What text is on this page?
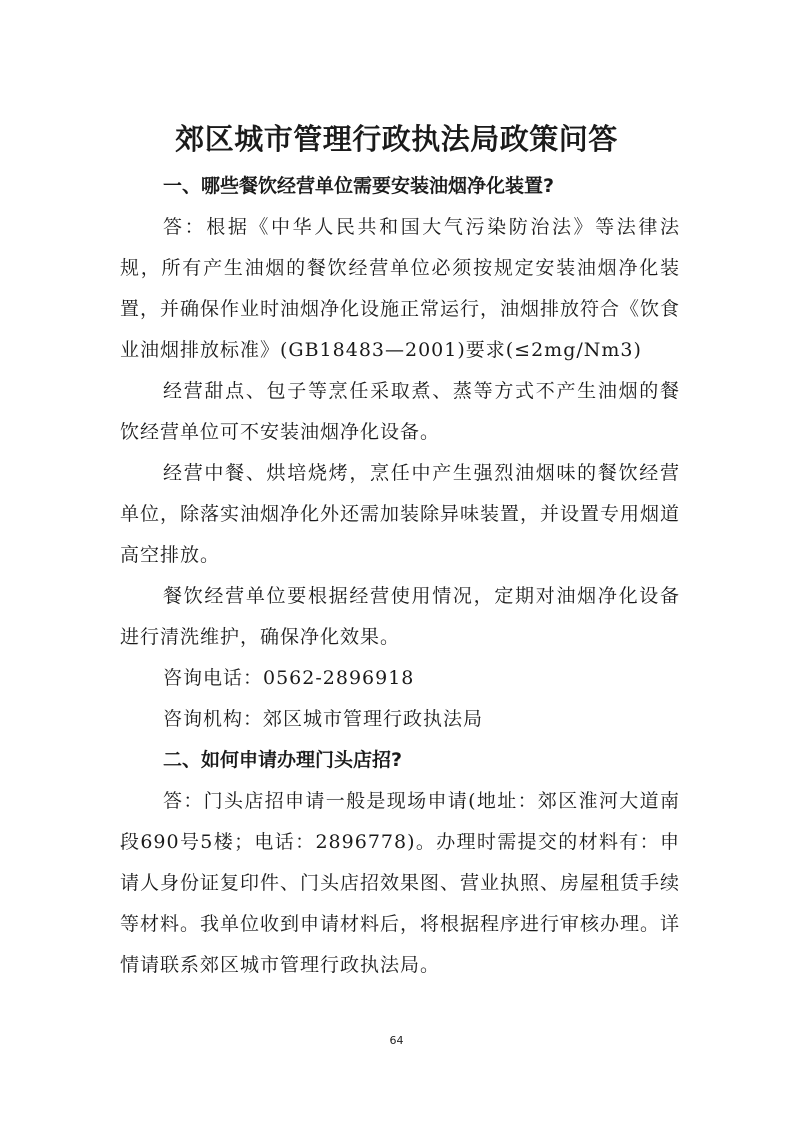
郊区城市管理行政执法局政策问答
一、哪些餐饮经营单位需要安装油烟净化装置?

答：根据《中华人民共和国大气污染防治法》等法律法规，所有产生油烟的餐饮经营单位必须按规定安装油烟净化装置，并确保作业时油烟净化设施正常运行，油烟排放符合《饮食业油烟排放标准》(GB18483—2001)要求(≤2mg/Nm3)

经营甜点、包子等烹任采取煮、蒸等方式不产生油烟的餐饮经营单位可不安装油烟净化设备。

经营中餐、烘培烧烤，烹任中产生强烈油烟味的餐饮经营单位，除落实油烟净化外还需加装除异味装置，并设置专用烟道高空排放。

餐饮经营单位要根据经营使用情况，定期对油烟净化设备进行清洗维护，确保净化效果。

咨询电话：0562-2896918

咨询机构：郊区城市管理行政执法局

二、如何申请办理门头店招?

答：门头店招申请一般是现场申请(地址：郊区淮河大道南段690号5楼；电话：2896778)。办理时需提交的材料有：申请人身份证复印件、门头店招效果图、营业执照、房屋租赁手续等材料。我单位收到申请材料后，将根据程序进行审核办理。详情请联系郊区城市管理行政执法局。

64
